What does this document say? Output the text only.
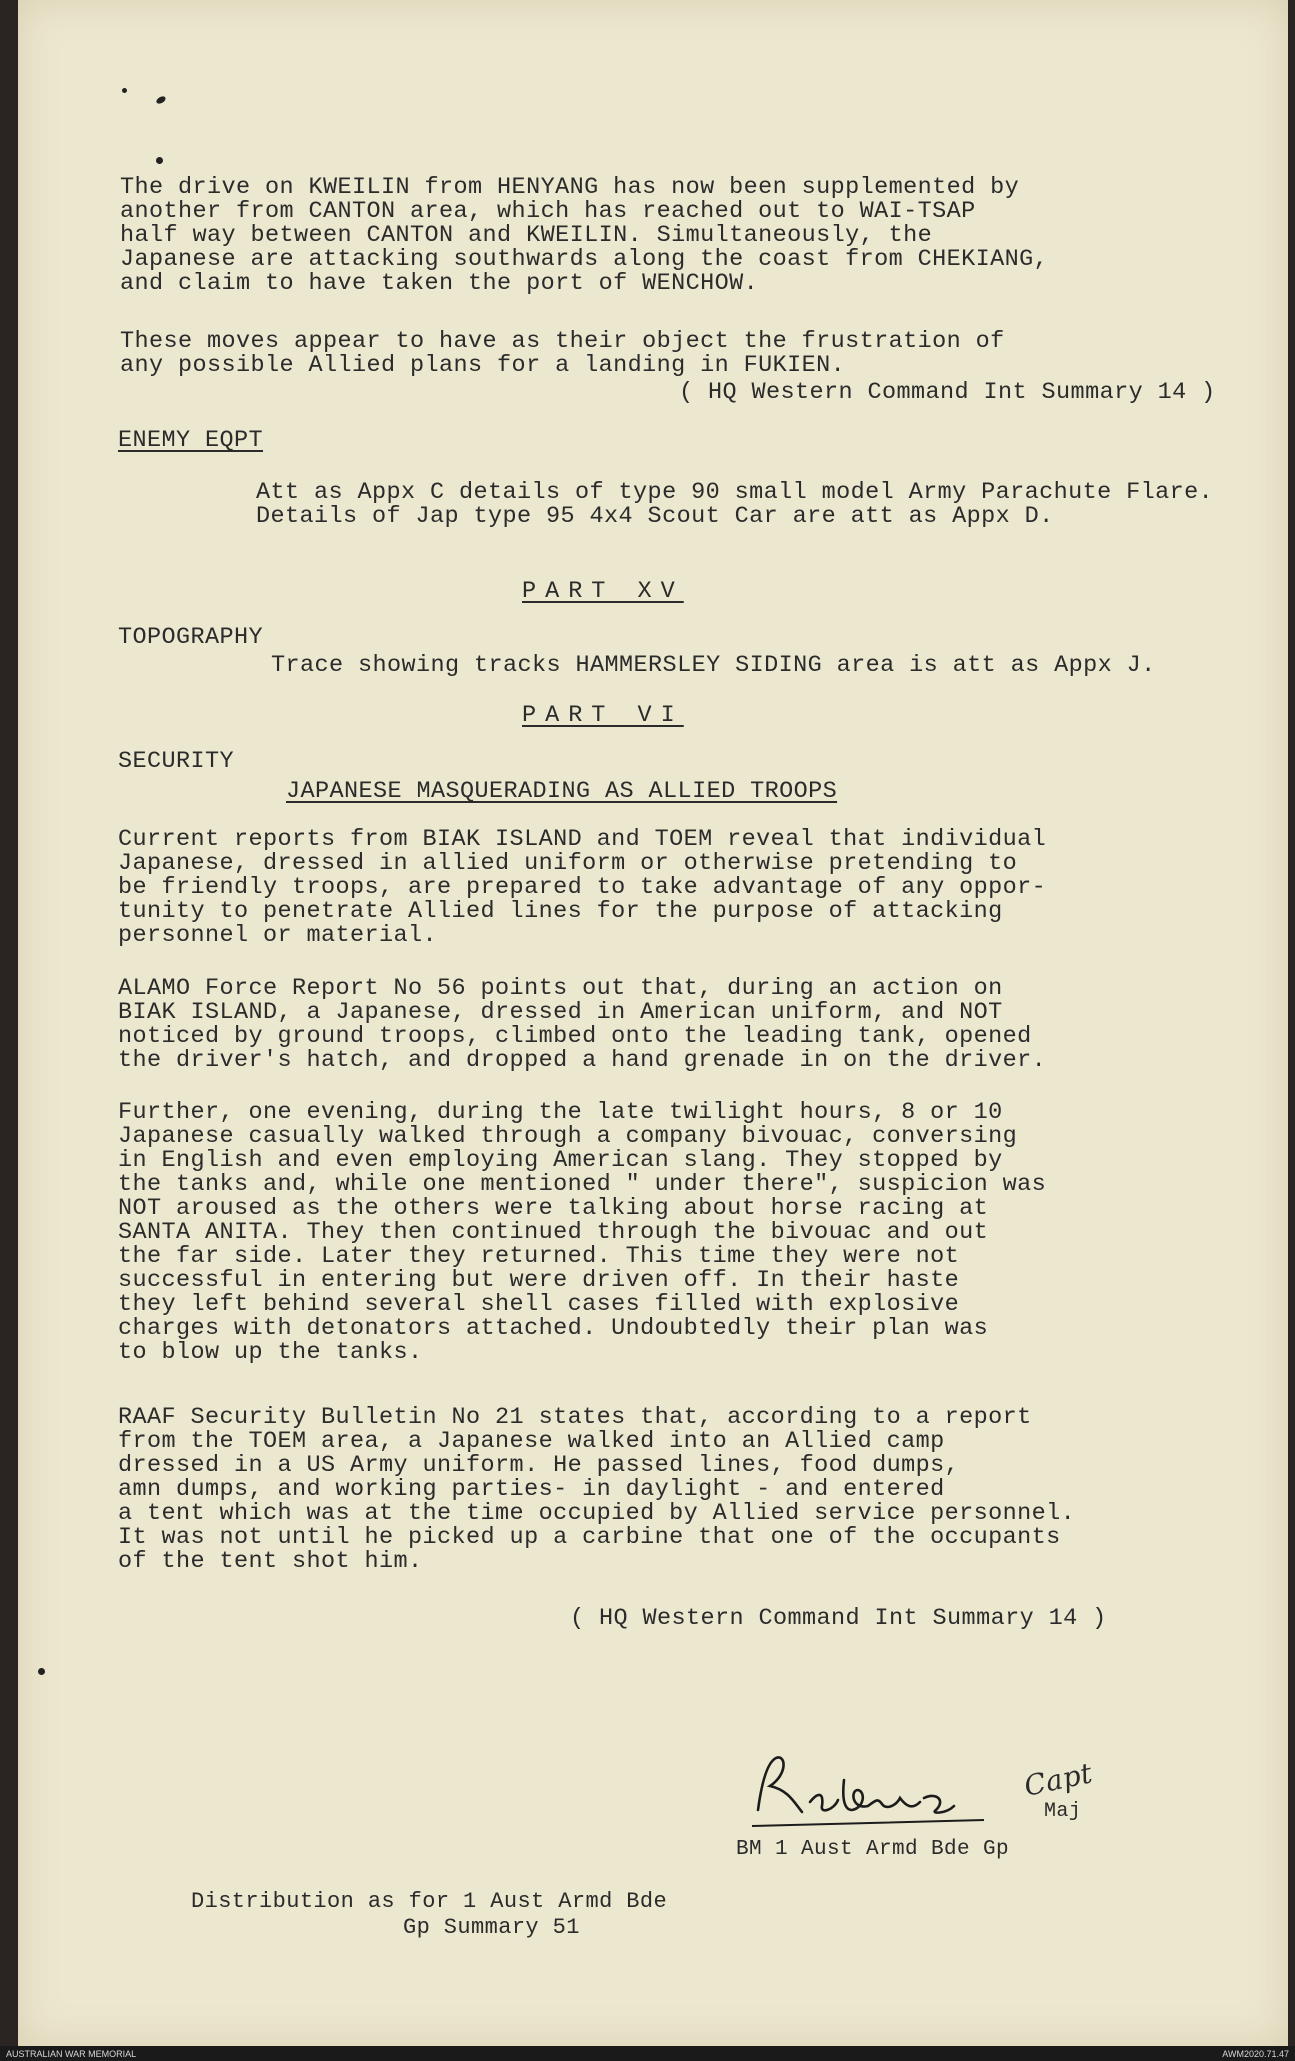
The drive on KWEILIN from HENYANG has now been supplemented by
another from CANTON area, which has reached out to WAI-TSAP
half way between CANTON and KWEILIN. Simultaneously, the
Japanese are attacking southwards along the coast from CHEKIANG,
and claim to have taken the port of WENCHOW.
These moves appear to have as their object the frustration of
any possible Allied plans for a landing in FUKIEN.
( HQ Western Command Int Summary 14 )
ENEMY EQPT
Att as Appx C details of type 90 small model Army Parachute Flare.
Details of Jap type 95 4x4 Scout Car are att as Appx D.
PART XV
TOPOGRAPHY
Trace showing tracks HAMMERSLEY SIDING area is att as Appx J.
PART VI
SECURITY
JAPANESE MASQUERADING AS ALLIED TROOPS
Current reports from BIAK ISLAND and TOEM reveal that individual
Japanese, dressed in allied uniform or otherwise pretending to
be friendly troops, are prepared to take advantage of any oppor-
tunity to penetrate Allied lines for the purpose of attacking
personnel or material.
ALAMO Force Report No 56 points out that, during an action on
BIAK ISLAND, a Japanese, dressed in American uniform, and NOT
noticed by ground troops, climbed onto the leading tank, opened
the driver's hatch, and dropped a hand grenade in on the driver.
Further, one evening, during the late twilight hours, 8 or 10
Japanese casually walked through a company bivouac, conversing
in English and even employing American slang. They stopped by
the tanks and, while one mentioned " under there", suspicion was
NOT aroused as the others were talking about horse racing at
SANTA ANITA. They then continued through the bivouac and out
the far side. Later they returned. This time they were not
successful in entering but were driven off. In their haste
they left behind several shell cases filled with explosive
charges with detonators attached. Undoubtedly their plan was
to blow up the tanks.
RAAF Security Bulletin No 21 states that, according to a report
from the TOEM area, a Japanese walked into an Allied camp
dressed in a US Army uniform. He passed lines, food dumps,
amn dumps, and working parties- in daylight - and entered
a tent which was at the time occupied by Allied service personnel.
It was not until he picked up a carbine that one of the occupants
of the tent shot him.
( HQ Western Command Int Summary 14 )
Capt
Maj
BM 1 Aust Armd Bde Gp
Distribution as for 1 Aust Armd Bde
Gp Summary 51
AUSTRALIAN WAR MEMORIAL	AWM2020.71.47
